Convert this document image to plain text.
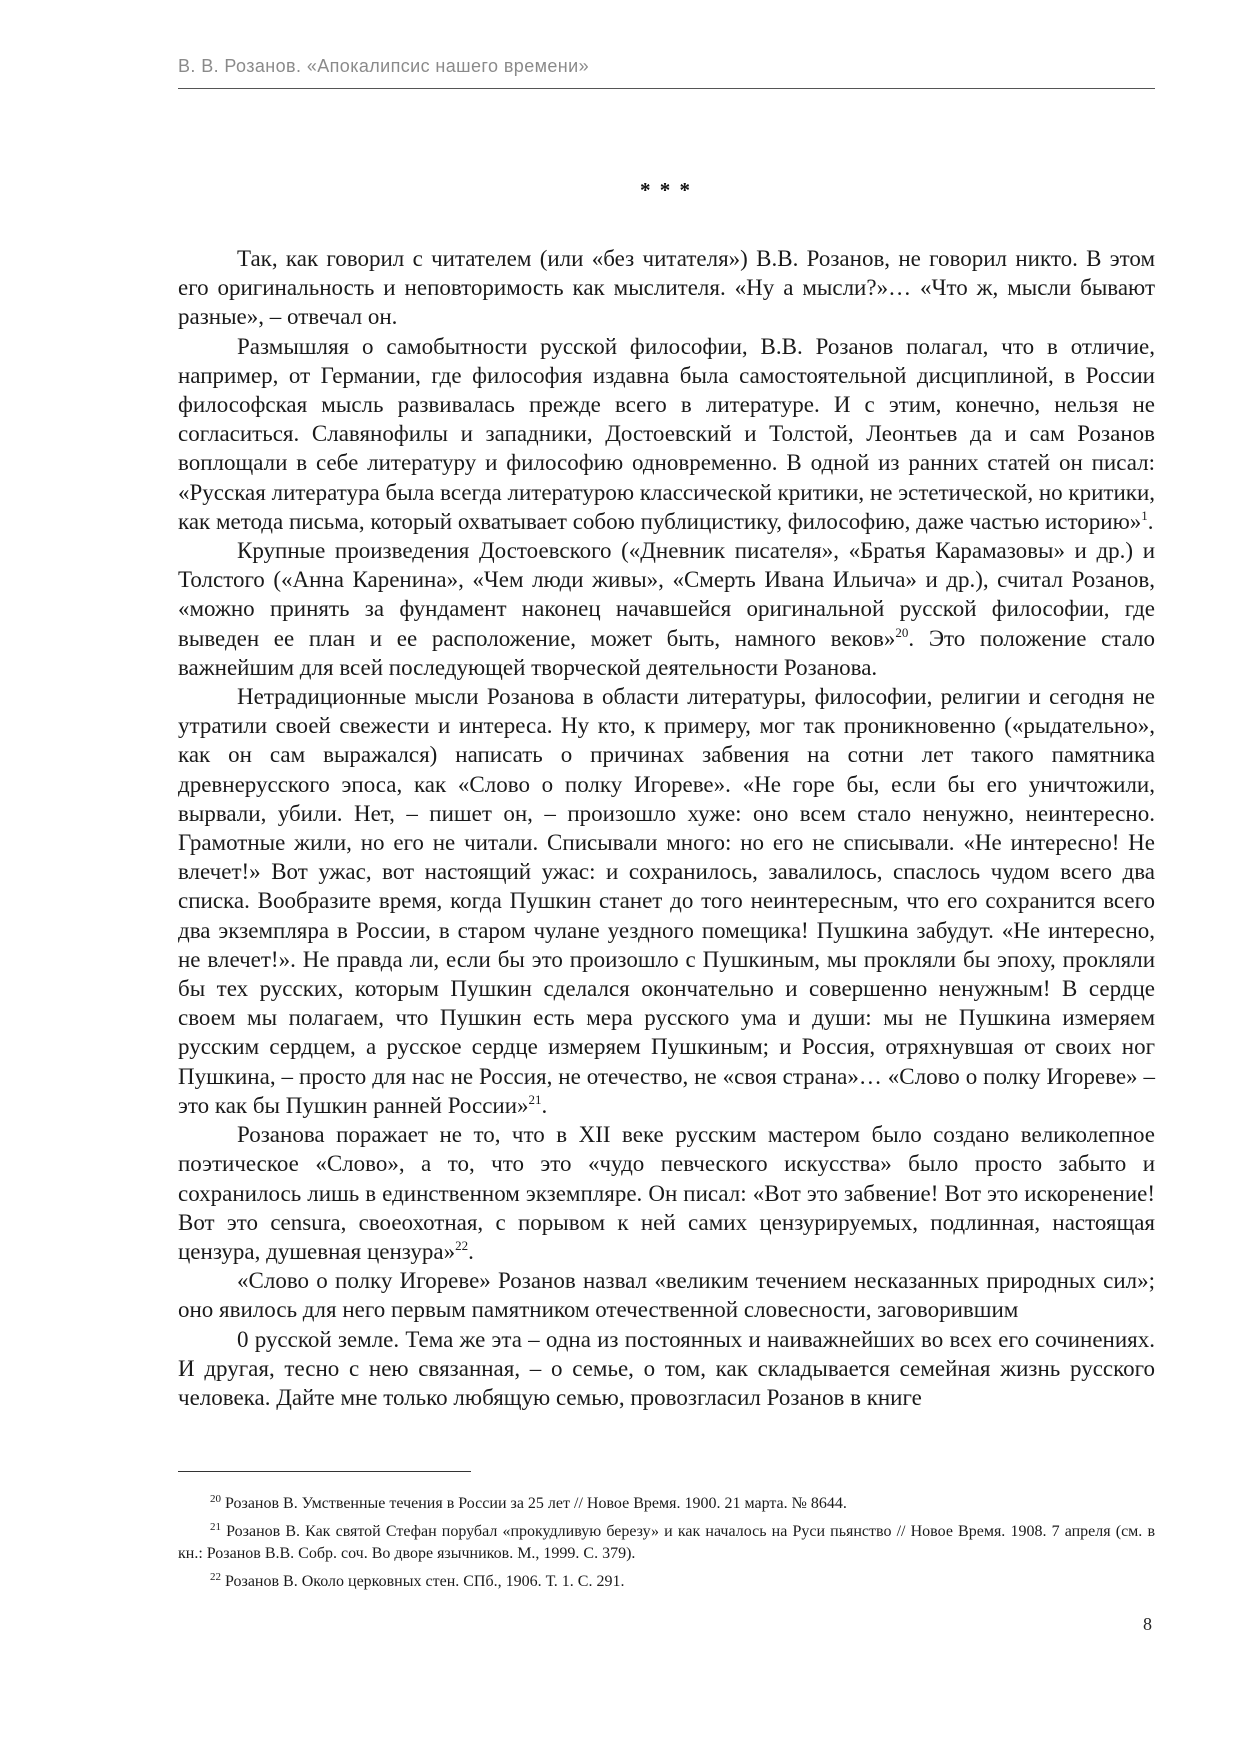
В. В. Розанов. «Апокалипсис нашего времени»
* * *

Так, как говорил с читателем (или «без читателя») В.В. Розанов, не говорил никто. В этом его оригинальность и неповторимость как мыслителя. «Ну а мысли?»… «Что ж, мысли бывают разные», – отвечал он.

Размышляя о самобытности русской философии, В.В. Розанов полагал, что в отличие, например, от Германии, где философия издавна была самостоятельной дисциплиной, в России философская мысль развивалась прежде всего в литературе. И с этим, конечно, нельзя не согласиться. Славянофилы и западники, Достоевский и Толстой, Леонтьев да и сам Розанов воплощали в себе литературу и философию одновременно. В одной из ранних статей он писал: «Русская литература была всегда литературою классической критики, не эстетической, но критики, как метода письма, который охватывает собою публицистику, философию, даже частью историю»$^1$.

Крупные произведения Достоевского («Дневник писателя», «Братья Карамазовы» и др.) и Толстого («Анна Каренина», «Чем люди живы», «Смерть Ивана Ильича» и др.), считал Розанов, «можно принять за фундамент наконец начавшейся оригинальной русской философии, где выведен ее план и ее расположение, может быть, намного веков»$^{20}$. Это положение стало важнейшим для всей последующей творческой деятельности Розанова.

Нетрадиционные мысли Розанова в области литературы, философии, религии и сегодня не утратили своей свежести и интереса. Ну кто, к примеру, мог так проникновенно («рыдательно», как он сам выражался) написать о причинах забвения на сотни лет такого памятника древнерусского эпоса, как «Слово о полку Игореве». «Не горе бы, если бы его уничтожили, вырвали, убили. Нет, – пишет он, – произошло хуже: оно всем стало ненужно, неинтересно. Грамотные жили, но его не читали. Списывали много: но его не списывали. «Не интересно! Не влечет!» Вот ужас, вот настоящий ужас: и сохранилось, завалилось, спаслось чудом всего два списка. Вообразите время, когда Пушкин станет до того неинтересным, что его сохранится всего два экземпляра в России, в старом чулане уездного помещика! Пушкина забудут. «Не интересно, не влечет!». Не правда ли, если бы это произошло с Пушкиным, мы прокляли бы эпоху, прокляли бы тех русских, которым Пушкин сделался окончательно и совершенно ненужным! В сердце своем мы полагаем, что Пушкин есть мера русского ума и души: мы не Пушкина измеряем русским сердцем, а русское сердце измеряем Пушкиным; и Россия, отряхнувшая от своих ног Пушкина, – просто для нас не Россия, не отечество, не «своя страна»… «Слово о полку Игореве» – это как бы Пушкин ранней России»$^{21}$.

Розанова поражает не то, что в XII веке русским мастером было создано великолепное поэтическое «Слово», а то, что это «чудо певческого искусства» было просто забыто и сохранилось лишь в единственном экземпляре. Он писал: «Вот это забвение! Вот это искоренение! Вот это censura, своеохотная, с порывом к ней самих цензурируемых, подлинная, настоящая цензура, душевная цензура»$^{22}$.

«Слово о полку Игореве» Розанов назвал «великим течением несказанных природных сил»; оно явилось для него первым памятником отечественной словесности, заговорившим

0 русской земле. Тема же эта – одна из постоянных и наиважнейших во всех его сочинениях. И другая, тесно с нею связанная, – о семье, о том, как складывается семейная жизнь русского человека. Дайте мне только любящую семью, провозгласил Розанов в книге

$^{20}$ Розанов В. Умственные течения в России за 25 лет // Новое Время. 1900. 21 марта. № 8644.

$^{21}$ Розанов В. Как святой Стефан порубал «прокудливую березу» и как началось на Руси пьянство // Новое Время. 1908. 7 апреля (см. в кн.: Розанов В.В. Собр. соч. Во дворе язычников. М., 1999. С. 379).

$^{22}$ Розанов В. Около церковных стен. СПб., 1906. Т. 1. С. 291.

8
